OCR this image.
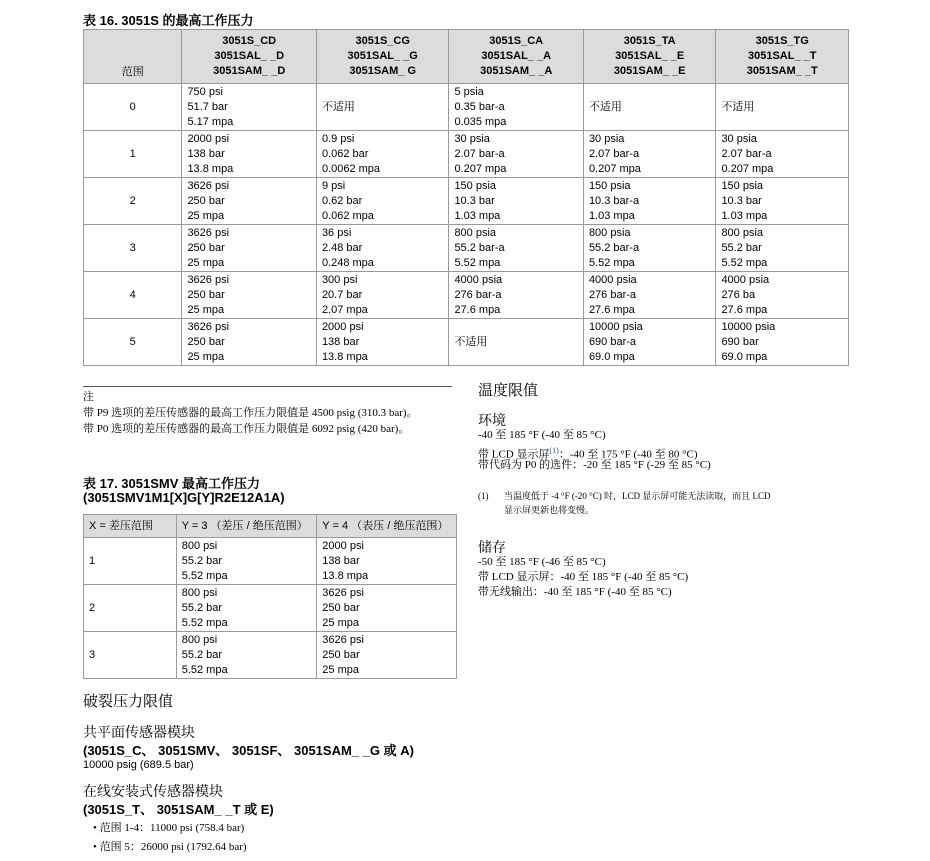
表 16. 3051S 的最高工作压力
范围	3051S_CD
3051SAL_ _D
3051SAM_ _D	3051S_CG
3051SAL_ _G
3051SAM_ G	3051S_CA
3051SAL_ _A
3051SAM_ _A	3051S_TA
3051SAL_ _E
3051SAM_ _E	3051S_TG
3051SAL_ _T
3051SAM_ _T

0	750 psi
51.7 bar
5.17 mpa	不适用	5 psia
0.35 bar-a
0.035 mpa	不适用	不适用

1	2000 psi
138 bar
13.8 mpa	0.9 psi
0.062 bar
0.0062 mpa	30 psia
2.07 bar-a
0.207 mpa	30 psia
2.07 bar-a
0.207 mpa	30 psia
2.07 bar-a
0.207 mpa

2	3626 psi
250 bar
25 mpa	9 psi
0.62 bar
0.062 mpa	150 psia
10.3 bar
1.03 mpa	150 psia
10.3 bar-a
1.03 mpa	150 psia
10.3 bar
1.03 mpa

3	3626 psi
250 bar
25 mpa	36 psi
2.48 bar
0.248 mpa	800 psia
55.2 bar-a
5.52 mpa	800 psia
55.2 bar-a
5.52 mpa	800 psia
55.2 bar
5.52 mpa

4	3626 psi
250 bar
25 mpa	300 psi
20.7 bar
2.07 mpa	4000 psia
276 bar-a
27.6 mpa	4000 psia
276 bar-a
27.6 mpa	4000 psia
276 ba
27.6 mpa

5	3626 psi
250 bar
25 mpa	2000 psi
138 bar
13.8 mpa	不适用	10000 psia
690 bar-a
69.0 mpa	10000 psia
690 bar
69.0 mpa
注
带 P9 选项的差压传感器的最高工作压力限值是 4500 psig (310.3 bar)。
带 P0 选项的差压传感器的最高工作压力限值是 6092 psig (420 bar)。
表 17. 3051SMV 最高工作压力
(3051SMV1M1[X]G[Y]R2E12A1A)
X = 差压范围	Y = 3 （差压 / 绝压范围）	Y = 4 （表压 / 绝压范围）
1	800 psi
55.2 bar
5.52 mpa	2000 psi
138 bar
13.8 mpa

2	800 psi
55.2 bar
5.52 mpa	3626 psi
250 bar
25 mpa

3	800 psi
55.2 bar
5.52 mpa	3626 psi
250 bar
25 mpa
破裂压力限值
共平面传感器模块
(3051S_C、 3051SMV、 3051SF、 3051SAM_ _G 或 A)
10000 psig (689.5 bar)
在线安装式传感器模块
(3051S_T、 3051SAM_ _T 或 E)
• 范围 1-4：11000 psi (758.4 bar)
• 范围 5：26000 psi (1792.64 bar)
温度限值
环境
-40 至 185 °F (-40 至 85 °C)
带 LCD 显示屏$^{(1)}$：-40 至 175 °F (-40 至 80 °C)
带代码为 P0 的选件：-20 至 185 °F (-29 至 85 °C)
(1) 当温度低于 -4 °F (-20 °C) 时，LCD 显示屏可能无法读取，而且 LCD
显示屏更新也将变慢。
储存
-50 至 185 °F (-46 至 85 °C)
带 LCD 显示屏：-40 至 185 °F (-40 至 85 °C)
带无线输出：-40 至 185 °F (-40 至 85 °C)
